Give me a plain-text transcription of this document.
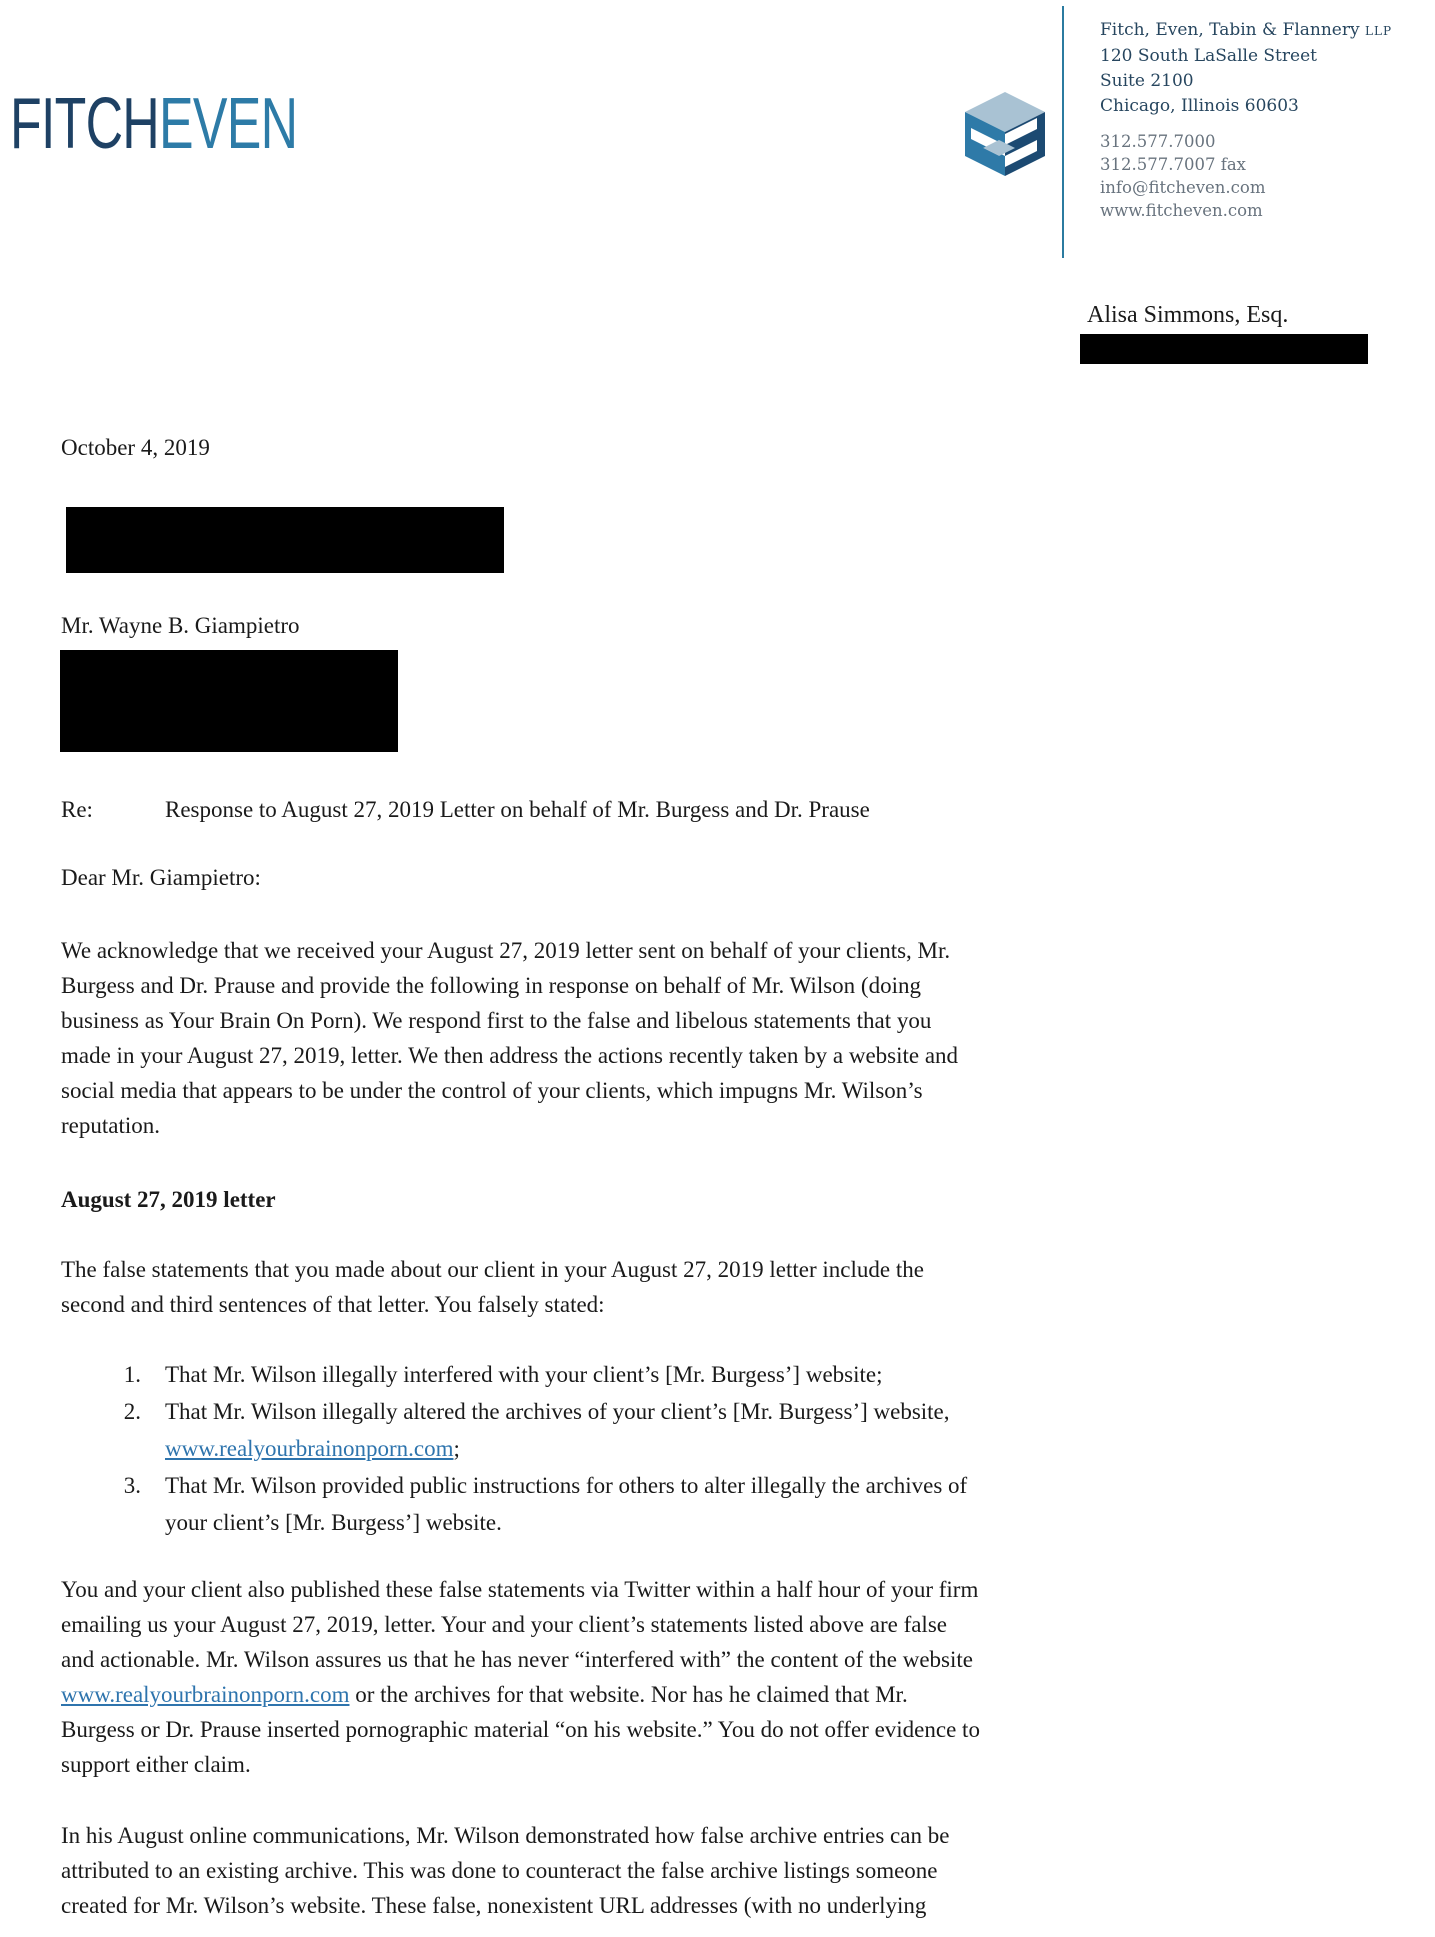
FITCHEVEN
Fitch, Even, Tabin & Flannery LLP
120 South LaSalle Street
Suite 2100
Chicago, Illinois 60603
312.577.7000
312.577.7007 fax
info@fitcheven.com
www.fitcheven.com
Alisa Simmons, Esq.
October 4, 2019
Mr. Wayne B. Giampietro
Re:	Response to August 27, 2019 Letter on behalf of Mr. Burgess and Dr. Prause
Dear Mr. Giampietro:
We acknowledge that we received your August 27, 2019 letter sent on behalf of your clients, Mr.
Burgess and Dr. Prause and provide the following in response on behalf of Mr. Wilson (doing
business as Your Brain On Porn). We respond first to the false and libelous statements that you
made in your August 27, 2019, letter. We then address the actions recently taken by a website and
social media that appears to be under the control of your clients, which impugns Mr. Wilson’s
reputation.
August 27, 2019 letter
The false statements that you made about our client in your August 27, 2019 letter include the
second and third sentences of that letter. You falsely stated:
1.	That Mr. Wilson illegally interfered with your client’s [Mr. Burgess’] website;
2.	That Mr. Wilson illegally altered the archives of your client’s [Mr. Burgess’] website,
www.realyourbrainonporn.com;
3.	That Mr. Wilson provided public instructions for others to alter illegally the archives of
your client’s [Mr. Burgess’] website.
You and your client also published these false statements via Twitter within a half hour of your firm
emailing us your August 27, 2019, letter. Your and your client’s statements listed above are false
and actionable. Mr. Wilson assures us that he has never “interfered with” the content of the website
www.realyourbrainonporn.com or the archives for that website. Nor has he claimed that Mr.
Burgess or Dr. Prause inserted pornographic material “on his website.” You do not offer evidence to
support either claim.
In his August online communications, Mr. Wilson demonstrated how false archive entries can be
attributed to an existing archive. This was done to counteract the false archive listings someone
created for Mr. Wilson’s website. These false, nonexistent URL addresses (with no underlying
